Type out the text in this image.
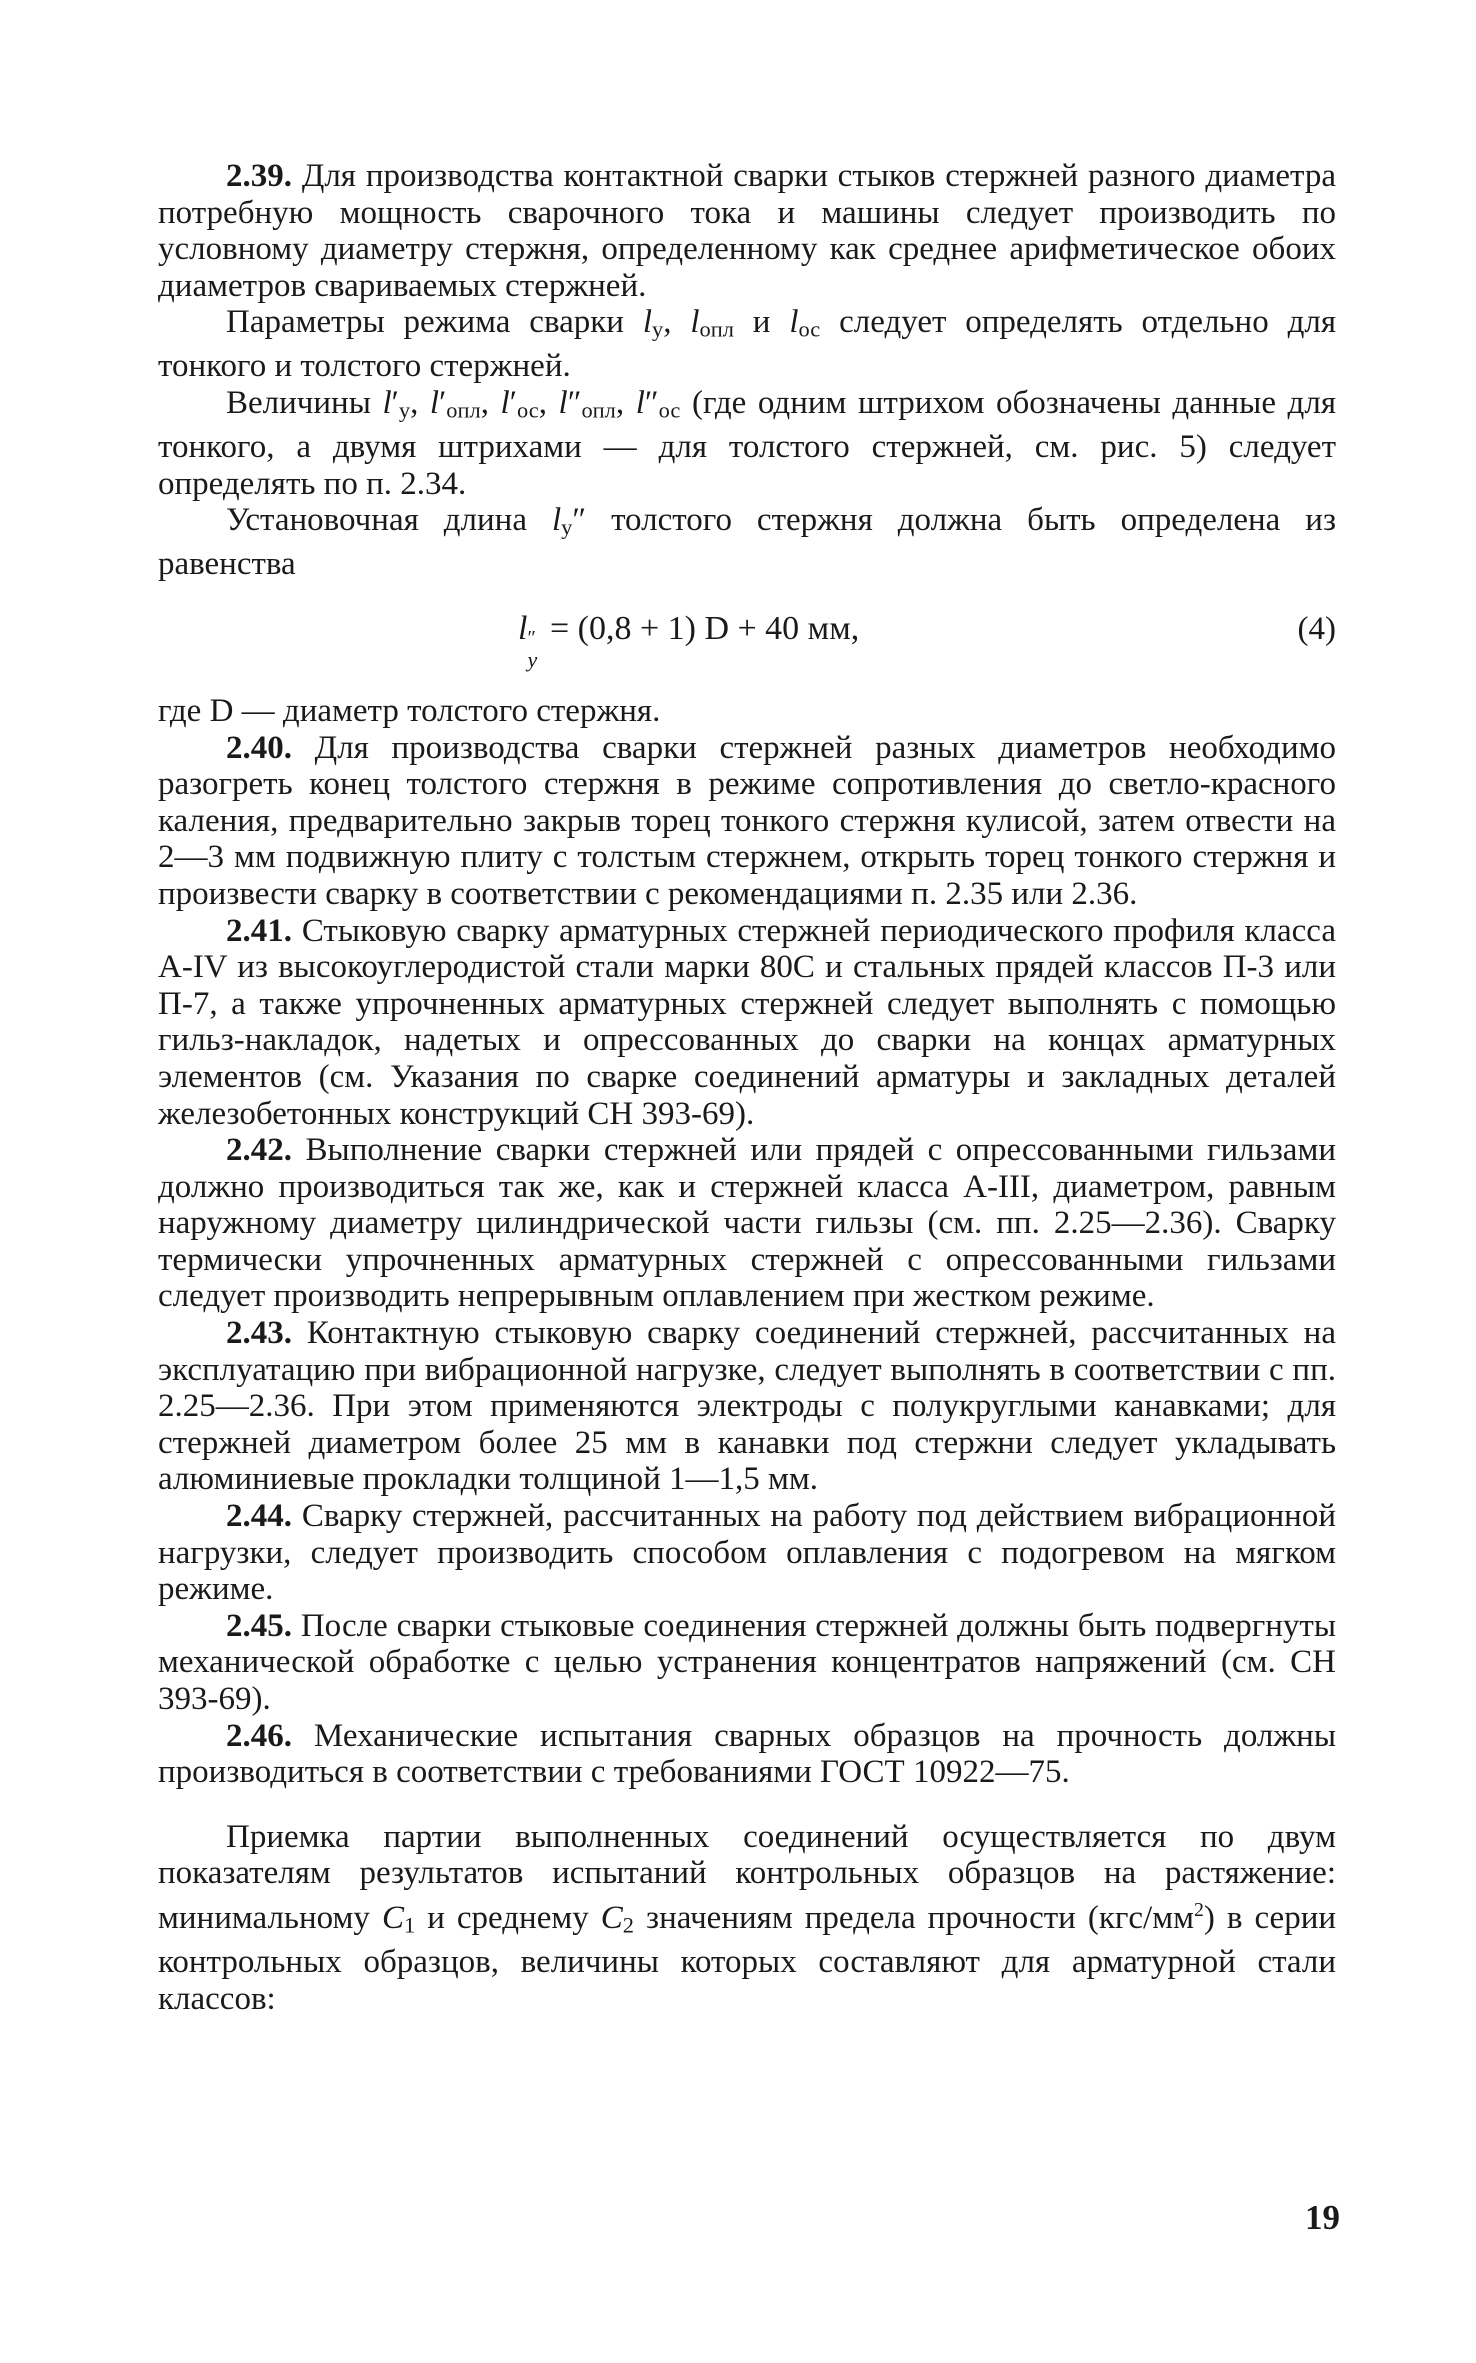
2.39. Для производства контактной сварки стыков стержней разного диаметра потребную мощность сварочного тока и машины следует производить по условному диаметру стержня, определенному как среднее арифметическое обоих диаметров свариваемых стержней.

Параметры режима сварки $l_у$, $l_{опл}$ и $l_{ос}$ следует определять отдельно для тонкого и толстого стержней.

Величины $l'_у$, $l'_{опл}$, $l'_{ос}$, $l''_{опл}$, $l''_{ос}$ (где одним штрихом обозначены данные для тонкого, а двумя штрихами — для толстого стержней, см. рис. 5) следует определять по п. 2.34.

Установочная длина $l_у''$ толстого стержня должна быть определена из равенства

l ″
y
= (0,8 + 1) D + 40 мм,	(4)

где D — диаметр толстого стержня.

2.40. Для производства сварки стержней разных диаметров необходимо разогреть конец толстого стержня в режиме сопротивления до светло-красного каления, предварительно закрыв торец тонкого стержня кулисой, затем отвести на 2—3 мм подвижную плиту с толстым стержнем, открыть торец тонкого стержня и произвести сварку в соответствии с рекомендациями п. 2.35 или 2.36.

2.41. Стыковую сварку арматурных стержней периодического профиля класса А-IV из высокоуглеродистой стали марки 80С и стальных прядей классов П-3 или П-7, а также упрочненных арматурных стержней следует выполнять с помощью гильз-накладок, надетых и опрессованных до сварки на концах арматурных элементов (см. Указания по сварке соединений арматуры и закладных деталей железобетонных конструкций СН 393-69).

2.42. Выполнение сварки стержней или прядей с опрессованными гильзами должно производиться так же, как и стержней класса А-III, диаметром, равным наружному диаметру цилиндрической части гильзы (см. пп. 2.25—2.36). Сварку термически упрочненных арматурных стержней с опрессованными гильзами следует производить непрерывным оплавлением при жестком режиме.

2.43. Контактную стыковую сварку соединений стержней, рассчитанных на эксплуатацию при вибрационной нагрузке, следует выполнять в соответствии с пп. 2.25—2.36. При этом применяются электроды с полукруглыми канавками; для стержней диаметром более 25 мм в канавки под стержни следует укладывать алюминиевые прокладки толщиной 1—1,5 мм.

2.44. Сварку стержней, рассчитанных на работу под действием вибрационной нагрузки, следует производить способом оплавления с подогревом на мягком режиме.

2.45. После сварки стыковые соединения стержней должны быть подвергнуты механической обработке с целью устранения концентратов напряжений (см. СН 393-69).

2.46. Механические испытания сварных образцов на прочность должны производиться в соответствии с требованиями ГОСТ 10922—75.

Приемка партии выполненных соединений осуществляется по двум показателям результатов испытаний контрольных образцов на растяжение: минимальному $C_1$ и среднему $C_2$ значениям предела прочности $(кгс/мм^2)$ в серии контрольных образцов, величины которых составляют для арматурной стали классов:

19
